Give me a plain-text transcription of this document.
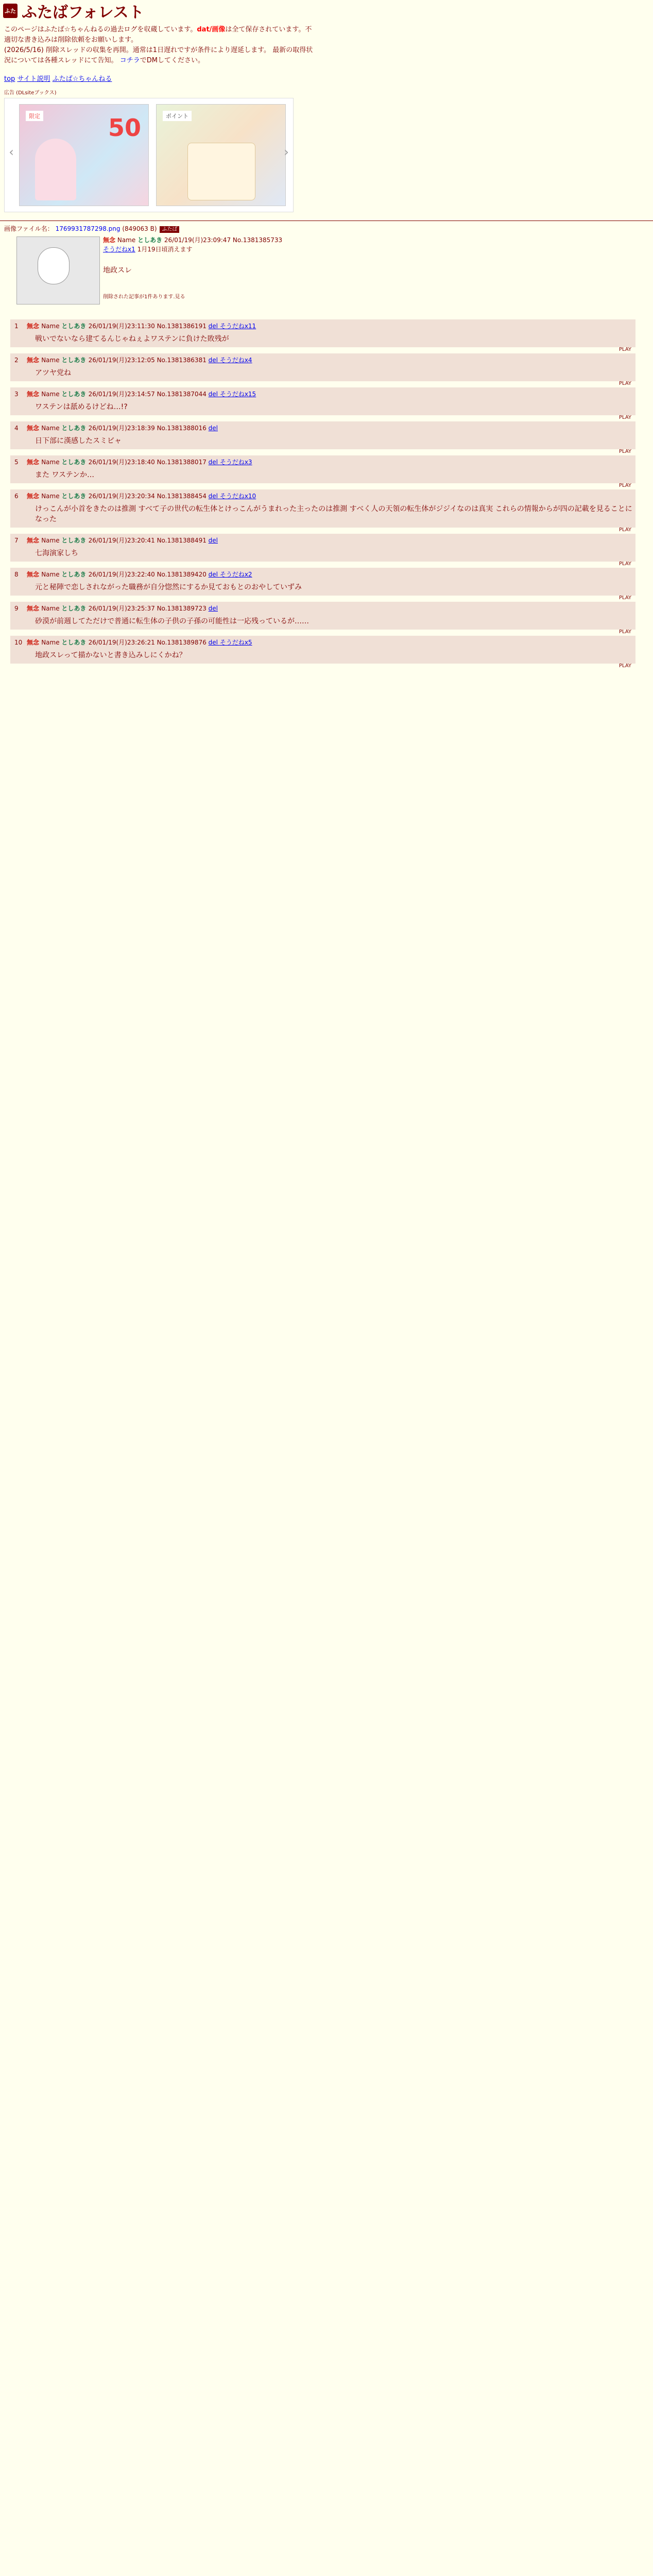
ふた ふたばフォレスト
このページはふたば☆ちゃんねるの過去ログを収蔵しています。dat/画像は全て保存されています。不適切な書き込みは削除依頼をお願いします。
(2026/5/16) 削除スレッドの収集を再開。通常は1日遅れですが条件により遅延します。 最新の取得状況については各種スレッドにて告知。 コチラでDMしてください。
top サイト説明 ふたば☆ちゃんねる
広告 (DLsiteブックス)
‹
限定	50	ポイント
›
画像ファイル名： 1769931787298.png (849063 B) ふたば
無念 Name としあき 26/01/19(月)23:09:47 No.1381385733
そうだねx1 1月19日頃消えます
地政スレ
削除された記事が1件あります.見る
1	無念 Name としあき 26/01/19(月)23:11:30 No.1381386191 del そうだねx11
戦いでないなら建てるんじゃねぇよワステンに負けた敗残が
PLAY
2	無念 Name としあき 26/01/19(月)23:12:05 No.1381386381 del そうだねx4
アツヤ党ね
PLAY
3	無念 Name としあき 26/01/19(月)23:14:57 No.1381387044 del そうだねx15
ワステンは舐めるけどね…!?
PLAY
4	無念 Name としあき 26/01/19(月)23:18:39 No.1381388016 del
日下部に漢感したスミビャ
PLAY
5	無念 Name としあき 26/01/19(月)23:18:40 No.1381388017 del そうだねx3
また ワステンか…
PLAY
6	無念 Name としあき 26/01/19(月)23:20:34 No.1381388454 del そうだねx10
けっこんが小首をきたのは推測 すべて子の世代の転生体とけっこんがうまれった主ったのは推測 すべく人の天領の転生体がジジイなのは真実 これらの情報からが四の記載を見ることになった
PLAY
7	無念 Name としあき 26/01/19(月)23:20:41 No.1381388491 del
七海演家しち
PLAY
8	無念 Name としあき 26/01/19(月)23:22:40 No.1381389420 del そうだねx2
元と秘陣で恋しされながった職務が自分惚然にするか見ておもとのおやしていずみ
PLAY
9	無念 Name としあき 26/01/19(月)23:25:37 No.1381389723 del
砂漠が前週してただけで普通に転生体の子供の子孫の可能性は一応残っているが……
PLAY
10 無念 Name としあき 26/01/19(月)23:26:21 No.1381389876 del そうだねx5
地政スレって描かないと書き込みしにくかね？
PLAY
